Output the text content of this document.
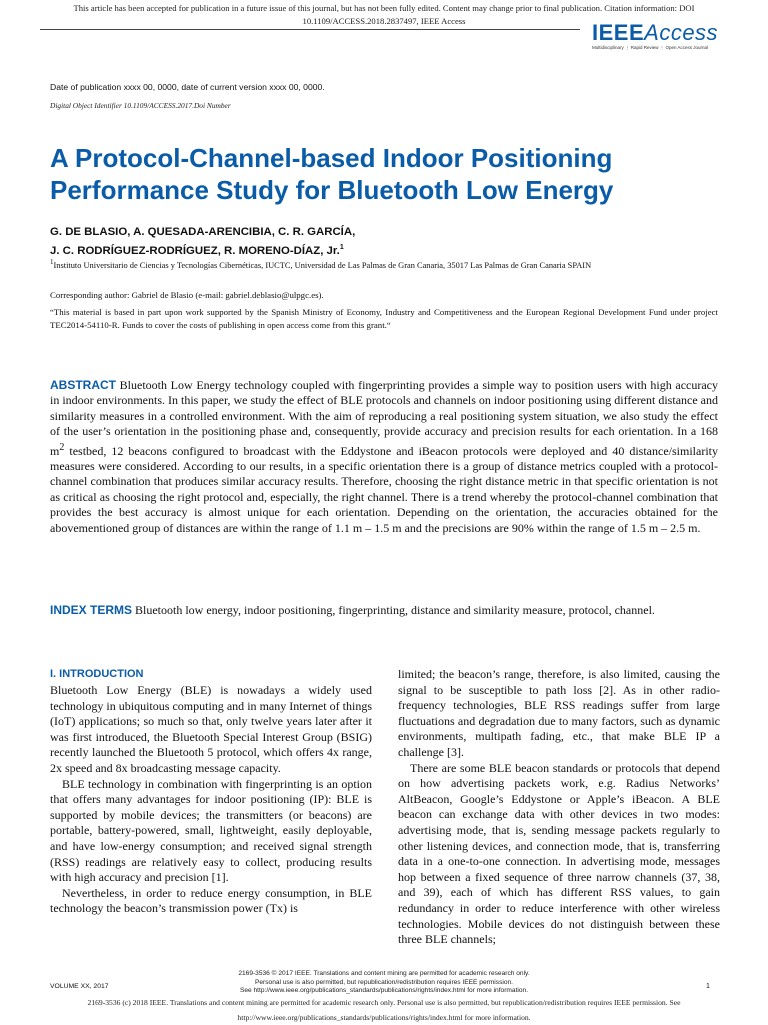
This article has been accepted for publication in a future issue of this journal, but has not been fully edited. Content may change prior to final publication. Citation information: DOI
10.1109/ACCESS.2018.2837497, IEEE Access	IEEEAccess
Multidisciplinary ⋮ Rapid Review ⋮ Open Access Journal
Date of publication xxxx 00, 0000, date of current version xxxx 00, 0000.
Digital Object Identifier 10.1109/ACCESS.2017.Doi Number
A Protocol-Channel-based Indoor Positioning Performance Study for Bluetooth Low Energy
G. DE BLASIO, A. QUESADA-ARENCIBIA, C. R. GARCÍA,
J. C. RODRÍGUEZ-RODRÍGUEZ, R. MORENO-DÍAZ, Jr.$^1$
$^1$Instituto Universitario de Ciencias y Tecnologías Cibernéticas, IUCTC, Universidad de Las Palmas de Gran Canaria, 35017 Las Palmas de Gran Canaria SPAIN
Corresponding author: Gabriel de Blasio (e-mail: gabriel.deblasio@ulpgc.es).
“This material is based in part upon work supported by the Spanish Ministry of Economy, Industry and Competitiveness and the European Regional Development Fund under project TEC2014-54110-R. Funds to cover the costs of publishing in open access come from this grant.“
ABSTRACT Bluetooth Low Energy technology coupled with fingerprinting provides a simple way to position users with high accuracy in indoor environments. In this paper, we study the effect of BLE protocols and channels on indoor positioning using different distance and similarity measures in a controlled environment. With the aim of reproducing a real positioning system situation, we also study the effect of the user’s orientation in the positioning phase and, consequently, provide accuracy and precision results for each orientation. In a 168 $m^2$ testbed, 12 beacons configured to broadcast with the Eddystone and iBeacon protocols were deployed and 40 distance/similarity measures were considered. According to our results, in a specific orientation there is a group of distance metrics coupled with a protocol-channel combination that produces similar accuracy results. Therefore, choosing the right distance metric in that specific orientation is not as critical as choosing the right protocol and, especially, the right channel. There is a trend whereby the protocol-channel combination that provides the best accuracy is almost unique for each orientation. Depending on the orientation, the accuracies obtained for the abovementioned group of distances are within the range of 1.1 m – 1.5 m and the precisions are 90% within the range of 1.5 m – 2.5 m.
INDEX TERMS Bluetooth low energy, indoor positioning, fingerprinting, distance and similarity measure, protocol, channel.
I. INTRODUCTION

Bluetooth Low Energy (BLE) is nowadays a widely used technology in ubiquitous computing and in many Internet of things (IoT) applications; so much so that, only twelve years later after it was first introduced, the Bluetooth Special Interest Group (BSIG) recently launched the Bluetooth 5 protocol, which offers 4x range, 2x speed and 8x broadcasting message capacity.

BLE technology in combination with fingerprinting is an option that offers many advantages for indoor positioning (IP): BLE is supported by mobile devices; the transmitters (or beacons) are portable, battery-powered, small, lightweight, easily deployable, and have low-energy consumption; and received signal strength (RSS) readings are relatively easy to collect, producing results with high accuracy and precision [1].

Nevertheless, in order to reduce energy consumption, in BLE technology the beacon’s transmission power (Tx) is

limited; the beacon’s range, therefore, is also limited, causing the signal to be susceptible to path loss [2]. As in other radio-frequency technologies, BLE RSS readings suffer from large fluctuations and degradation due to many factors, such as dynamic environments, multipath fading, etc., that make BLE IP a challenge [3].

There are some BLE beacon standards or protocols that depend on how advertising packets work, e.g. Radius Networks’ AltBeacon, Google’s Eddystone or Apple’s iBeacon. A BLE beacon can exchange data with other devices in two modes: advertising mode, that is, sending message packets regularly to other listening devices, and connection mode, that is, transferring data in a one-to-one connection. In advertising mode, messages hop between a fixed sequence of three narrow channels (37, 38, and 39), each of which has different RSS values, to gain redundancy in order to reduce interference with other wireless technologies. Mobile devices do not distinguish between these three BLE channels;

2169-3536 © 2017 IEEE. Translations and content mining are permitted for academic research only.
Personal use is also permitted, but republication/redistribution requires IEEE permission.
See http://www.ieee.org/publications_standards/publications/rights/index.html for more information.
VOLUME XX, 2017	1
2169-3536 (c) 2018 IEEE. Translations and content mining are permitted for academic research only. Personal use is also permitted, but republication/redistribution requires IEEE permission. See
http://www.ieee.org/publications_standards/publications/rights/index.html for more information.
